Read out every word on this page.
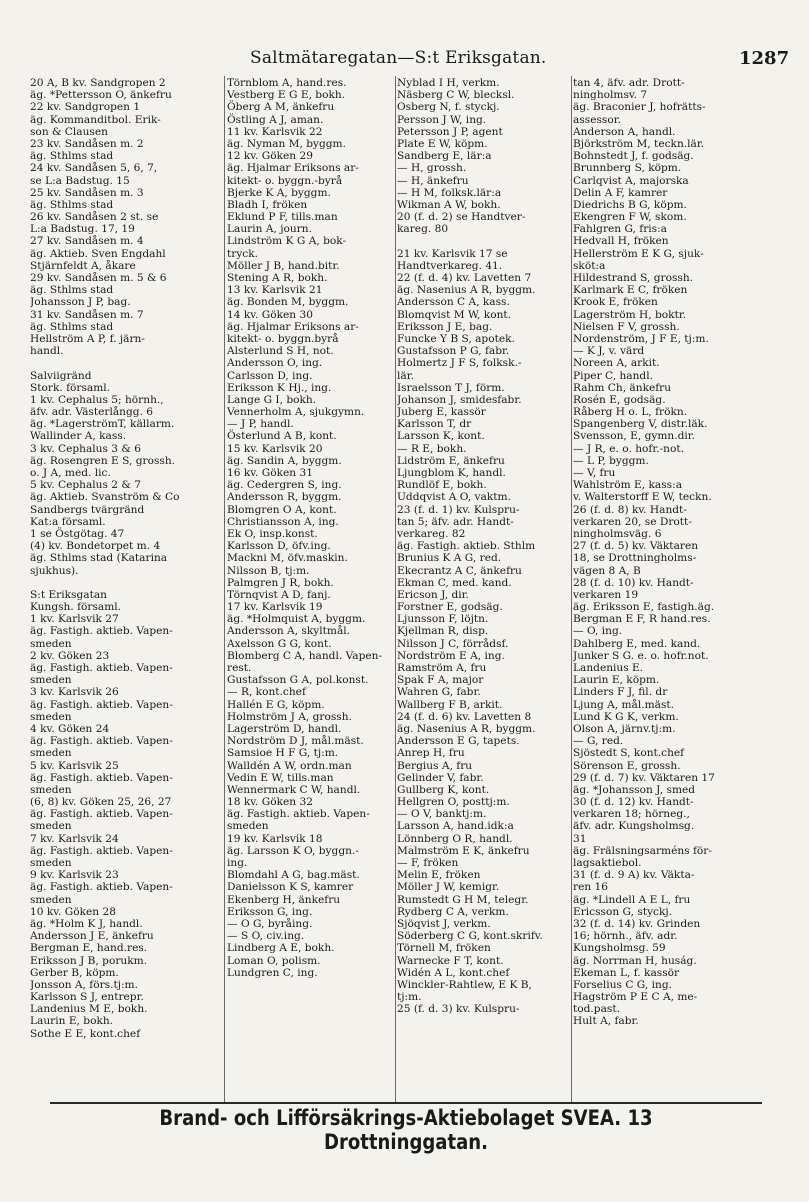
Saltmätaregatan—S:t Eriksgatan.	1287
20 A, B kv. Sandgropen 2
äg. *Pettersson O, änkefru
22 kv. Sandgropen 1
äg. Kommanditbol. Erik-
son & Clausen
23 kv. Sandåsen m. 2
äg. Sthlms stad
24 kv. Sandåsen 5, 6, 7,
se L:a Badstug. 15
25 kv. Sandåsen m. 3
äg. Sthlms stad
26 kv. Sandåsen 2 st. se
L:a Badstug. 17, 19
27 kv. Sandåsen m. 4
äg. Aktieb. Sven Engdahl
Stjärnfeldt A, åkare
29 kv. Sandåsen m. 5 & 6
äg. Sthlms stad
Johansson J P, bag.
31 kv. Sandåsen m. 7
äg. Sthlms stad
Hellström A P, f. järn-
handl.
Salviigränd
Stork. församl.
1 kv. Cephalus 5; hörnh.,
äfv. adr. Västerlångg. 6
äg. *LagerströmT, källarm.
Wallinder A, kass.
3 kv. Cephalus 3 & 6
äg. Rosengren E S, grossh.
o. J A, med. lic.
5 kv. Cephalus 2 & 7
äg. Aktieb. Svanström & Co
Sandbergs tvärgränd
Kat:a församl.
1 se Östgötag. 47
(4) kv. Bondetorpet m. 4
äg. Sthlms stad (Katarina
sjukhus).
S:t Eriksgatan
Kungsh. församl.
1 kv. Karlsvik 27
äg. Fastigh. aktieb. Vapen-
smeden
2 kv. Göken 23
äg. Fastigh. aktieb. Vapen-
smeden
3 kv. Karlsvik 26
äg. Fastigh. aktieb. Vapen-
smeden
4 kv. Göken 24
äg. Fastigh. aktieb. Vapen-
smeden
5 kv. Karlsvik 25
äg. Fastigh. aktieb. Vapen-
smeden
(6, 8) kv. Göken 25, 26, 27
äg. Fastigh. aktieb. Vapen-
smeden
7 kv. Karlsvik 24
äg. Fastigh. aktieb. Vapen-
smeden
9 kv. Karlsvik 23
äg. Fastigh. aktieb. Vapen-
smeden
10 kv. Göken 28
äg. *Holm K J, handl.
Andersson J E, änkefru
Bergman E, hand.res.
Eriksson J B, porukm.
Gerber B, köpm.
Jonsson A, förs.tj:m.
Karlsson S J, entrepr.
Landenius M E, bokh.
Laurin E, bokh.
Sothe E E, kont.chef
Törnblom A, hand.res.
Vestberg E G E, bokh.
Öberg A M, änkefru
Östling A J, aman.
11 kv. Karlsvik 22
äg. Nyman M, byggm.
12 kv. Göken 29
äg. Hjalmar Eriksons ar-
kitekt- o. byggn.-byrå
Bjerke K A, byggm.
Bladh I, fröken
Eklund P F, tills.man
Laurin A, journ.
Lindström K G A, bok-
tryck.
Möller J B, hand.bitr.
Stening A R, bokh.
13 kv. Karlsvik 21
äg. Bonden M, byggm.
14 kv. Göken 30
äg. Hjalmar Eriksons ar-
kitekt- o. byggn.byrå
Alsterlund S H, not.
Andersson O, ing.
Carlsson D, ing.
Eriksson K Hj., ing.
Lange G I, bokh.
Vennerholm A, sjukgymn.
— J P, handl.
Österlund A B, kont.
15 kv. Karlsvik 20
äg. Sandin A, byggm.
16 kv. Göken 31
äg. Cedergren S, ing.
Andersson R, byggm.
Blomgren O A, kont.
Christiansson A, ing.
Ek O, insp.konst.
Karlsson D, öfv.ing.
Mackni M, öfv.maskin.
Nilsson B, tj:m.
Palmgren J R, bokh.
Törnqvist A D, fanj.
17 kv. Karlsvik 19
äg. *Holmquist A, byggm.
Andersson A, skyltmål.
Axelsson G G, kont.
Blomberg C A, handl. Vapen-
rest.
Gustafsson G A, pol.konst.
— R, kont.chef
Hallén E G, köpm.
Holmström J A, grossh.
Lagerström D, handl.
Nordström D J, mål.mäst.
Samsioe H F G, tj:m.
Walldén A W, ordn.man
Vedin E W, tills.man
Wennermark C W, handl.
18 kv. Göken 32
äg. Fastigh. aktieb. Vapen-
smeden
19 kv. Karlsvik 18
äg. Larsson K O, byggn.-
ing.
Blomdahl A G, bag.mäst.
Danielsson K S, kamrer
Ekenberg H, änkefru
Eriksson G, ing.
— O G, byråing.
— S O, civ.ing.
Lindberg A E, bokh.
Loman O, polism.
Lundgren C, ing.
Nyblad I H, verkm.
Näsberg C W, blecksl.
Osberg N, f. styckj.
Persson J W, ing.
Petersson J P, agent
Plate E W, köpm.
Sandberg E, lär:a
— H, grossh.
— H, änkefru
— H M, folksk.lär:a
Wikman A W, bokh.
20 (f. d. 2) se Handtver-
kareg. 80
21 kv. Karlsvik 17 se
Handtverkareg. 41.
22 (f. d. 4) kv. Lavetten 7
äg. Nasenius A R, byggm.
Andersson C A, kass.
Blomqvist M W, kont.
Eriksson J E, bag.
Funcke Y B S, apotek.
Gustafsson P G, fabr.
Holmertz J F S, folksk.-
lär.
Israelsson T J, förm.
Johanson J, smidesfabr.
Juberg E, kassör
Karlsson T, dr
Larsson K, kont.
— R E, bokh.
Lidström E, änkefru
Ljungblom K, handl.
Rundlöf E, bokh.
Uddqvist A O, vaktm.
23 (f. d. 1) kv. Kulspru-
tan 5; äfv. adr. Handt-
verkareg. 82
äg. Fastigh. aktieb. Sthlm
Brunius K A G, red.
Ekecrantz A C, änkefru
Ekman C, med. kand.
Ericson J, dir.
Forstner E, godsäg.
Ljunsson F, löjtn.
Kjellman R, disp.
Nilsson J C, förrådsf.
Nordström E A, ing.
Ramström A, fru
Spak F A, major
Wahren G, fabr.
Wallberg F B, arkit.
24 (f. d. 6) kv. Lavetten 8
äg. Nasenius A R, byggm.
Andersson E G, tapets.
Anrep H, fru
Bergius A, fru
Gelinder V, fabr.
Gullberg K, kont.
Hellgren O, posttj:m.
— O V, banktj:m.
Larsson A, hand.idk:a
Lönnberg O R, handl.
Malmström E K, änkefru
— F, fröken
Melin E, fröken
Möller J W, kemigr.
Rumstedt G H M, telegr.
Rydberg C A, verkm.
Sjöqvist J, verkm.
Söderberg C G, kont.skrifv.
Törnell M, fröken
Warnecke F T, kont.
Widén A L, kont.chef
Winckler-Rahtlew, E K B,
tj:m.
25 (f. d. 3) kv. Kulspru-
tan 4, äfv. adr. Drott-
ningholmsv. 7
äg. Braconier J, hofrätts-
assessor.
Anderson A, handl.
Björkström M, teckn.lär.
Bohnstedt J, f. godsäg.
Brunnberg S, köpm.
Carlqvist A, majorska
Delin A F, kamrer
Diedrichs B G, köpm.
Ekengren F W, skom.
Fahlgren G, fris:a
Hedvall H, fröken
Hellerström E K G, sjuk-
sköt:a
Hildestrand S, grossh.
Karlmark E C, fröken
Krook E, fröken
Lagerström H, boktr.
Nielsen F V, grossh.
Nordenström, J F E, tj:m.
— K J, v. värd
Noreen A, arkit.
Piper C, handl.
Rahm Ch, änkefru
Rosén E, godsäg.
Råberg H o. L, frökn.
Spangenberg V, distr.läk.
Svensson, E, gymn.dir.
— J R, e. o. hofr.-not.
— L P, byggm.
— V, fru
Wahlström E, kass:a
v. Walterstorff E W, teckn.
26 (f. d. 8) kv. Handt-
verkaren 20, se Drott-
ningholmsväg. 6
27 (f. d. 5) kv. Väktaren
18, se Drottningholms-
vägen 8 A, B
28 (f. d. 10) kv. Handt-
verkaren 19
äg. Eriksson E, fastigh.äg.
Bergman E F, R hand.res.
— O, ing.
Dahlberg E, med. kand.
Junker S G. e. o. hofr.not.
Landenius E.
Laurin E, köpm.
Linders F J, fil. dr
Ljung A, mål.mäst.
Lund K G K, verkm.
Olson A, järnv.tj:m.
— G, red.
Sjöstedt S, kont.chef
Sörenson E, grossh.
29 (f. d. 7) kv. Väktaren 17
äg. *Johansson J, smed
30 (f. d. 12) kv. Handt-
verkaren 18; hörneg.,
äfv. adr. Kungsholmsg.
31
äg. Frälsningsarméns för-
lagsaktiebol.
31 (f. d. 9 A) kv. Väkta-
ren 16
äg. *Lindell A E L, fru
Ericsson G, styckj.
32 (f. d. 14) kv. Grinden
16; hörnh., äfv. adr.
Kungsholmsg. 59
äg. Norrman H, huság.
Ekeman L, f. kassör
Forselius C G, ing.
Hagström P E C A, me-
tod.past.
Hult A, fabr.
Brand- och Lifförsäkrings-Aktiebolaget SVEA. 13 Drottninggatan.
